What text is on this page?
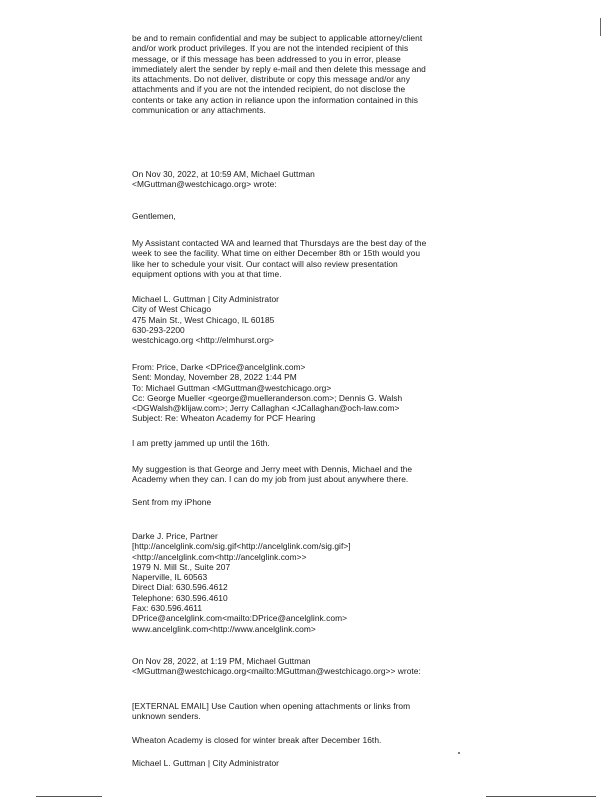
be and to remain confidential and may be subject to applicable attorney/client
and/or work product privileges. If you are not the intended recipient of this
message, or if this message has been addressed to you in error, please
immediately alert the sender by reply e-mail and then delete this message and
its attachments. Do not deliver, distribute or copy this message and/or any
attachments and if you are not the intended recipient, do not disclose the
contents or take any action in reliance upon the information contained in this
communication or any attachments.
On Nov 30, 2022, at 10:59 AM, Michael Guttman
<MGuttman@westchicago.org> wrote:
Gentlemen,
My Assistant contacted WA and learned that Thursdays are the best day of the
week to see the facility. What time on either December 8th or 15th would you
like her to schedule your visit. Our contact will also review presentation
equipment options with you at that time.
Michael L. Guttman | City Administrator
City of West Chicago
475 Main St., West Chicago, IL 60185
630-293-2200
westchicago.org <http://elmhurst.org>
From: Price, Darke <DPrice@ancelglink.com>
Sent: Monday, November 28, 2022 1:44 PM
To: Michael Guttman <MGuttman@westchicago.org>
Cc: George Mueller <george@muelleranderson.com>; Dennis G. Walsh
<DGWalsh@klijaw.com>; Jerry Callaghan <JCallaghan@och-law.com>
Subject: Re: Wheaton Academy for PCF Hearing
I am pretty jammed up until the 16th.
My suggestion is that George and Jerry meet with Dennis, Michael and the
Academy when they can. I can do my job from just about anywhere there.
Sent from my iPhone
Darke J. Price, Partner
[http://ancelglink.com/sig.gif<http://ancelglink.com/sig.gif>]
<http://ancelglink.com<http://ancelglink.com>>
1979 N. Mill St., Suite 207
Naperville, IL 60563
Direct Dial: 630.596.4612
Telephone: 630.596.4610
Fax: 630.596.4611
DPrice@ancelglink.com<mailto:DPrice@ancelglink.com>
www.ancelglink.com<http://www.ancelglink.com>
On Nov 28, 2022, at 1:19 PM, Michael Guttman
<MGuttman@westchicago.org<mailto:MGuttman@westchicago.org>> wrote:
[EXTERNAL EMAIL] Use Caution when opening attachments or links from
unknown senders.
Wheaton Academy is closed for winter break after December 16th.
Michael L. Guttman | City Administrator
